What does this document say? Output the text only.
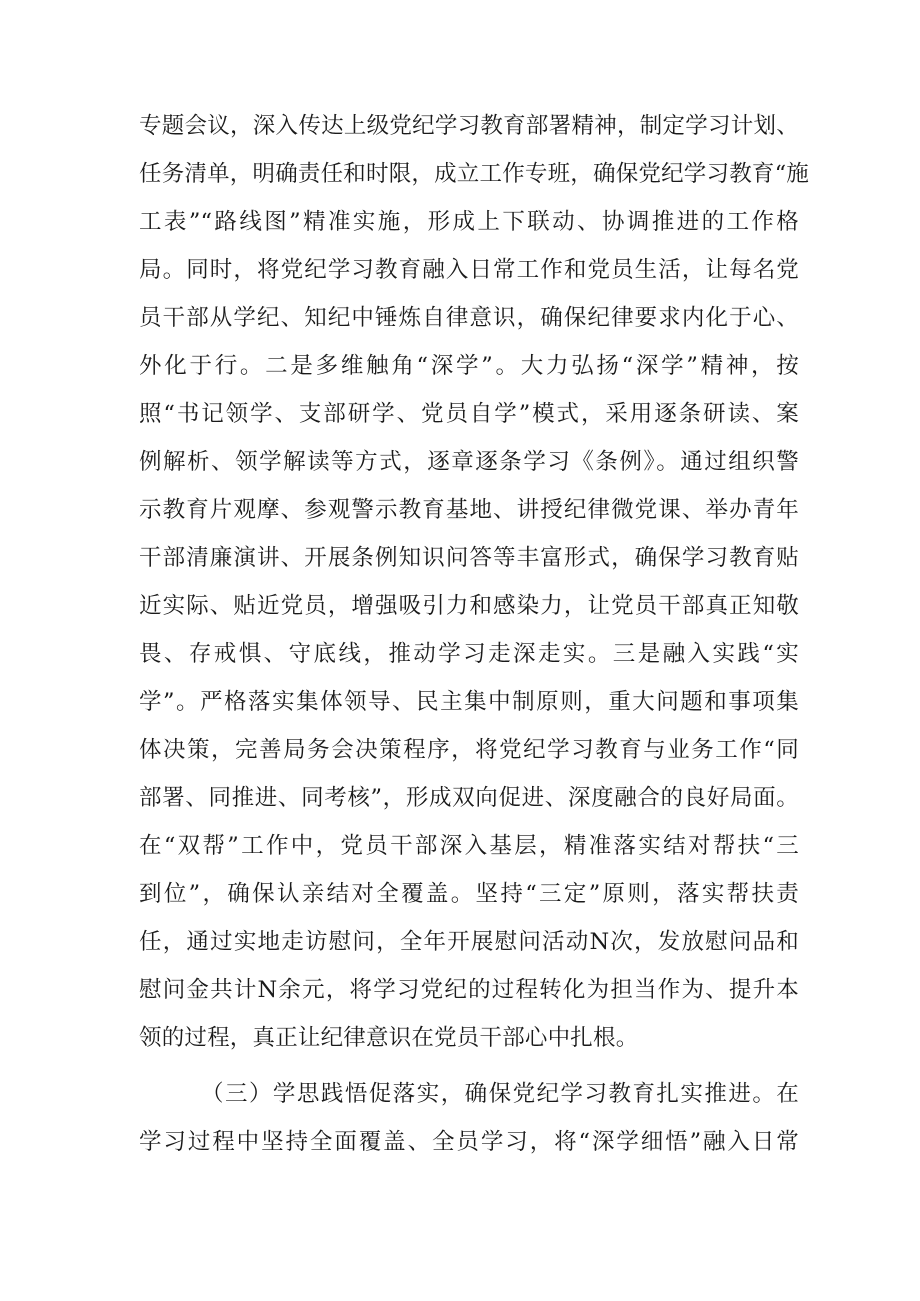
专题会议，深入传达上级党纪学习教育部署精神，制定学习计划、
任务清单，明确责任和时限，成立工作专班，确保党纪学习教育“施
工表”“路线图”精准实施，形成上下联动、协调推进的工作格
局。同时，将党纪学习教育融入日常工作和党员生活，让每名党
员干部从学纪、知纪中锤炼自律意识，确保纪律要求内化于心、
外化于行。二是多维触角“深学”。大力弘扬“深学”精神，按
照“书记领学、支部研学、党员自学”模式，采用逐条研读、案
例解析、领学解读等方式，逐章逐条学习《条例》。通过组织警
示教育片观摩、参观警示教育基地、讲授纪律微党课、举办青年
干部清廉演讲、开展条例知识问答等丰富形式，确保学习教育贴
近实际、贴近党员，增强吸引力和感染力，让党员干部真正知敬
畏、存戒惧、守底线，推动学习走深走实。三是融入实践“实
学”。严格落实集体领导、民主集中制原则，重大问题和事项集
体决策，完善局务会决策程序，将党纪学习教育与业务工作“同
部署、同推进、同考核”，形成双向促进、深度融合的良好局面。
在“双帮”工作中，党员干部深入基层，精准落实结对帮扶“三
到位”，确保认亲结对全覆盖。坚持“三定”原则，落实帮扶责
任，通过实地走访慰问，全年开展慰问活动N次，发放慰问品和
慰问金共计N余元，将学习党纪的过程转化为担当作为、提升本
领的过程，真正让纪律意识在党员干部心中扎根。
（三）学思践悟促落实，确保党纪学习教育扎实推进。在
学习过程中坚持全面覆盖、全员学习，将“深学细悟”融入日常
